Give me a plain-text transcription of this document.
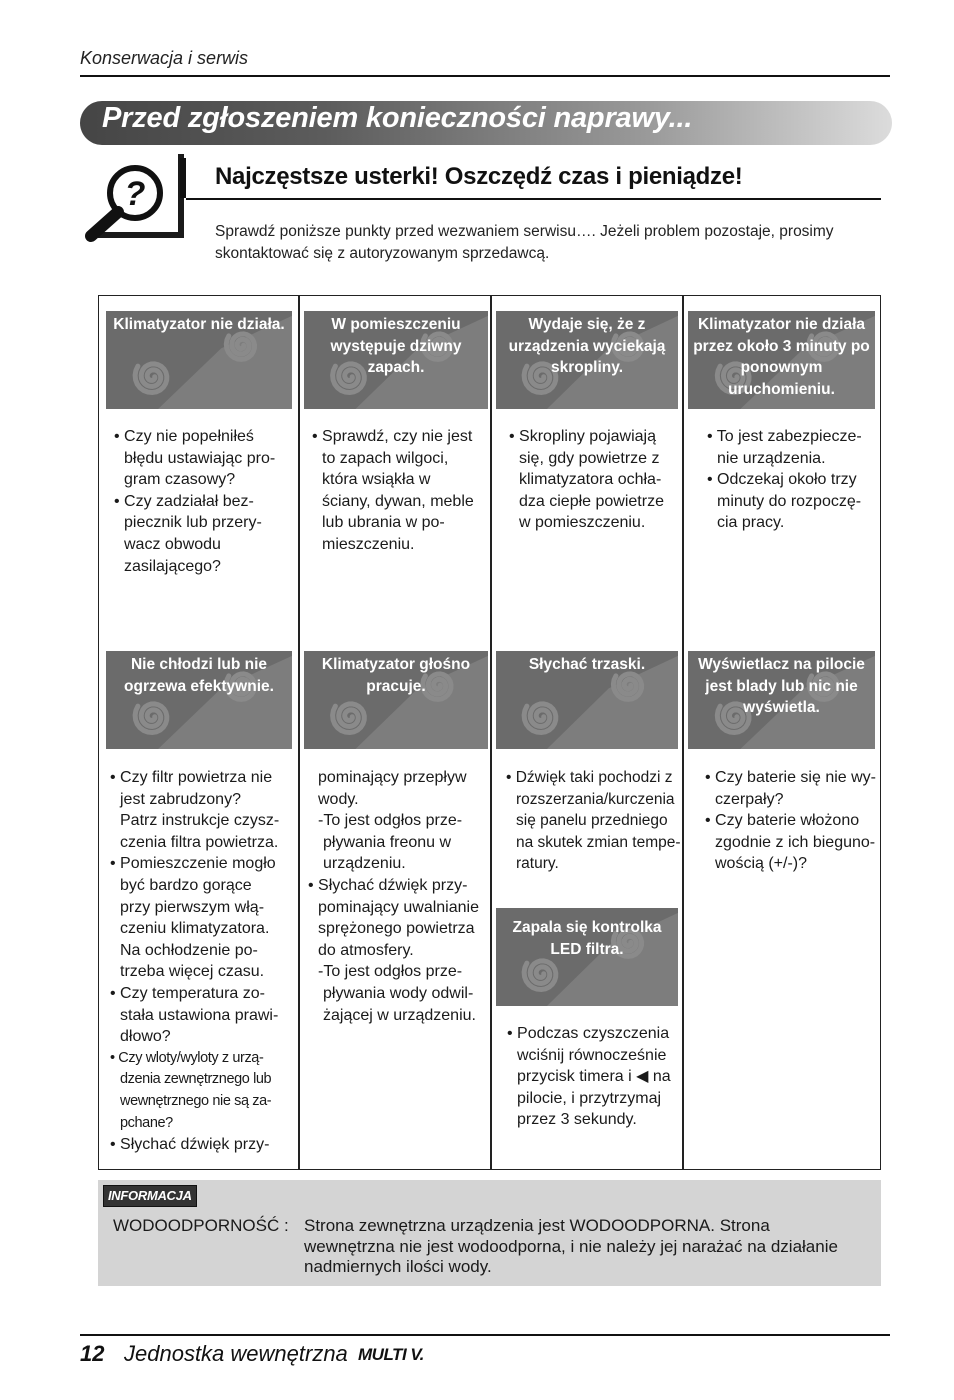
Konserwacja i serwis
Przed zgłoszeniem konieczności naprawy...
?	Najczęstsze usterki! Oszczędź czas i pieniądze!
Sprawdź poniższe punkty przed wezwaniem serwisu…. Jeżeli problem pozostaje, prosimy skontaktować się z autoryzowanym sprzedawcą.
Klimatyzator nie działa.	W pomieszczeniu występuje dziwny zapach.
Wydaje się, że z urządzenia wyciekają skropliny.
Klimatyzator nie działa przez około 3 minuty po ponownym uruchomieniu.
Nie chłodzi lub nie ogrzewa efektywnie.
Klimatyzator głośno pracuje.
Słychać trzaski.	Wyświetlacz na pilocie jest blady lub nic nie wyświetla.
Zapala się kontrolka LED filtra.

• Czy nie popełniłeś

błędu ustawiając pro-

gram czasowy?

• Czy zadziałał bez-

piecznik lub przery-

wacz obwodu

zasilającego?

• Sprawdź, czy nie jest

to zapach wilgoci,

która wsiąkła w

ściany, dywan, meble

lub ubrania w po-

mieszczeniu.

• Skropliny pojawiają

się, gdy powietrze z

klimatyzatora ochła-

dza ciepłe powietrze

w pomieszczeniu.

• To jest zabezpiecze-

nie urządzenia.

• Odczekaj około trzy

minuty do rozpoczę-

cia pracy.

• Czy filtr powietrza nie

jest zabrudzony?

Patrz instrukcje czysz-

czenia filtra powietrza.

• Pomieszczenie mogło

być bardzo gorące

przy pierwszym włą-

czeniu klimatyzatora.

Na ochłodzenie po-

trzeba więcej czasu.

• Czy temperatura zo-

stała ustawiona prawi-

dłowo?

• Czy wloty/wyloty z urzą-

dzenia zewnętrznego lub

wewnętrznego nie są za-

pchane?

• Słychać dźwięk przy-

pominający przepływ

wody.

-To jest odgłos prze-

pływania freonu w

urządzeniu.

• Słychać dźwięk przy-

pominający uwalnianie

sprężonego powietrza

do atmosfery.

-To jest odgłos prze-

pływania wody odwil-

żającej w urządzeniu.

• Dźwięk taki pochodzi z

rozszerzania/kurczenia

się panelu przedniego

na skutek zmian tempe-

ratury.

• Czy baterie się nie wy-

czerpały?

• Czy baterie włożono

zgodnie z ich bieguno-

wością (+/-)?

• Podczas czyszczenia

wciśnij równocześnie

przycisk timera i ◀ na

pilocie, i przytrzymaj

przez 3 sekundy.

INFORMACJA
WODOODPORNOŚĆ : Strona zewnętrzna urządzenia jest WODOODPORNA. Strona wewnętrzna nie jest wodoodporna, i nie należy jej narażać na działanie nadmiernych ilości wody.
12 Jednostka wewnętrzna MULTI V.
